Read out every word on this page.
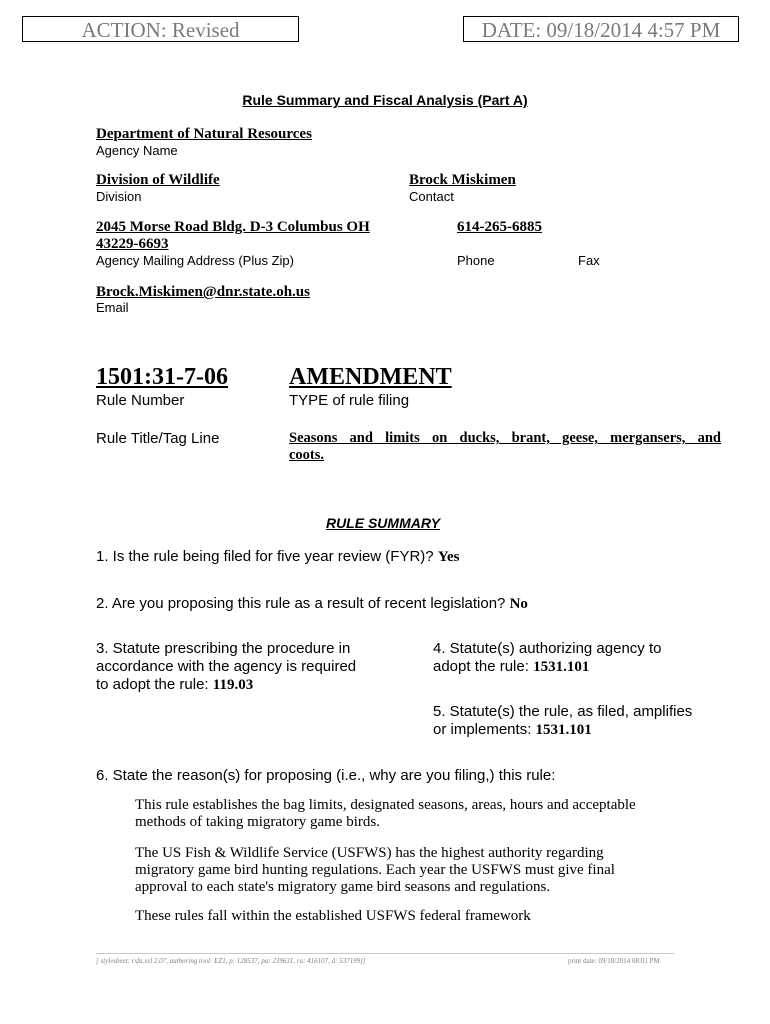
ACTION: Revised	DATE: 09/18/2014 4:57 PM
Rule Summary and Fiscal Analysis (Part A)
Department of Natural Resources
Agency Name
Division of Wildlife
Division
Brock Miskimen
Contact
2045 Morse Road Bldg. D-3 Columbus OH
43229-6693
Agency Mailing Address (Plus Zip)
614-265-6885
Phone	Fax
Brock.Miskimen@dnr.state.oh.us
Email
1501:31-7-06
Rule Number
AMENDMENT
TYPE of rule filing
Rule Title/Tag Line	Seasons and limits on ducks, brant, geese, mergansers, and
coots.
RULE SUMMARY
1. Is the rule being filed for five year review (FYR)? Yes
2. Are you proposing this rule as a result of recent legislation? No
3. Statute prescribing the procedure in
accordance with the agency is required
to adopt the rule: 119.03
4. Statute(s) authorizing agency to
adopt the rule: 1531.101
5. Statute(s) the rule, as filed, amplifies
or implements: 1531.101
6. State the reason(s) for proposing (i.e., why are you filing,) this rule:
This rule establishes the bag limits, designated seasons, areas, hours and acceptable
methods of taking migratory game birds.
The US Fish & Wildlife Service (USFWS) has the highest authority regarding
migratory game bird hunting regulations. Each year the USFWS must give final
approval to each state's migratory game bird seasons and regulations.
These rules fall within the established USFWS federal framework
[ stylesheet: rsfa.xsl 2.07, authoring tool: EZ1, p: 128537, pa: 239631, ra: 416107, d: 537199)]	print date: 09/18/2014 08:01 PM
